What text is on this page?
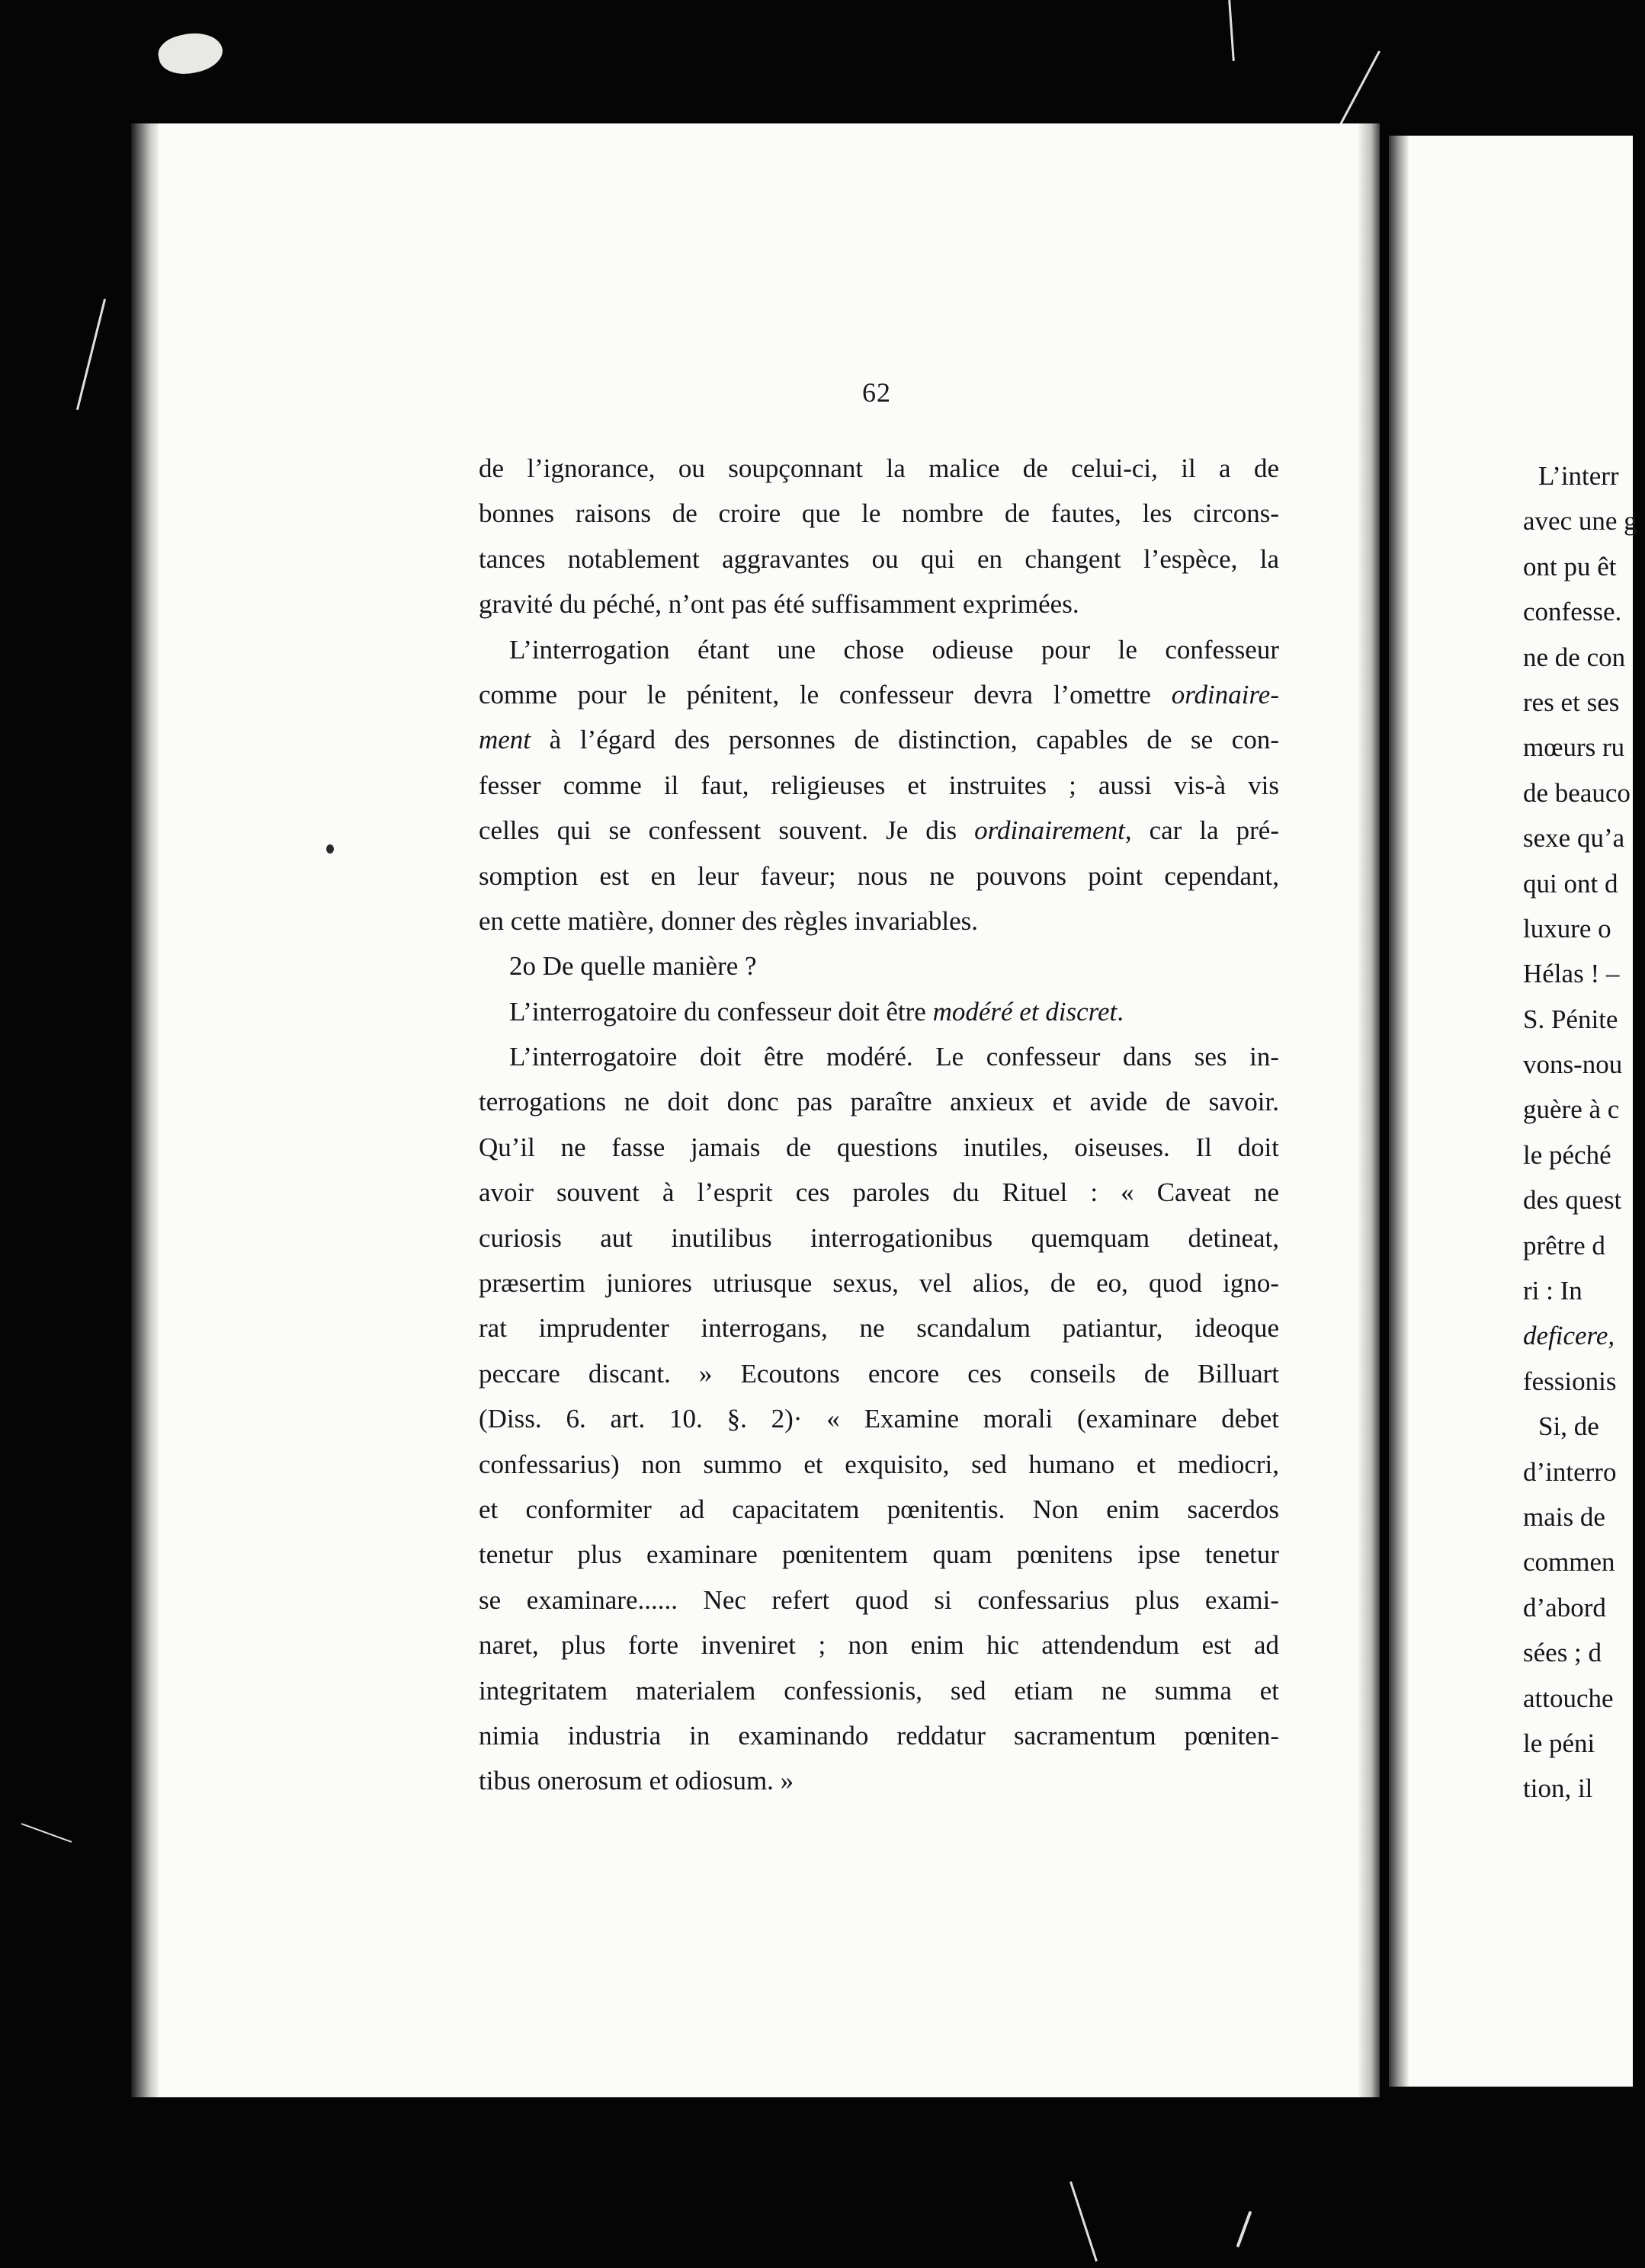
62
de l’ignorance, ou soupçonnant la malice de celui-ci, il a de
bonnes raisons de croire que le nombre de fautes, les circons-
tances notablement aggravantes ou qui en changent l’espèce, la
gravité du péché, n’ont pas été suffisamment exprimées.
L’interrogation étant une chose odieuse pour le confesseur
comme pour le pénitent, le confesseur devra l’omettre ordinaire-
ment à l’égard des personnes de distinction, capables de se con-
fesser comme il faut, religieuses et instruites ; aussi vis-à vis
celles qui se confessent souvent. Je dis ordinairement, car la pré-
somption est en leur faveur; nous ne pouvons point cependant,
en cette matière, donner des règles invariables.
2o De quelle manière ?
L’interrogatoire du confesseur doit être modéré et discret.
L’interrogatoire doit être modéré. Le confesseur dans ses in-
terrogations ne doit donc pas paraître anxieux et avide de savoir.
Qu’il ne fasse jamais de questions inutiles, oiseuses. Il doit
avoir souvent à l’esprit ces paroles du Rituel : « Caveat ne
curiosis aut inutilibus interrogationibus quemquam detineat,
præsertim juniores utriusque sexus, vel alios, de eo, quod igno-
rat imprudenter interrogans, ne scandalum patiantur, ideoque
peccare discant. » Ecoutons encore ces conseils de Billuart
(Diss. 6. art. 10. §. 2)· « Examine morali (examinare debet
confessarius) non summo et exquisito, sed humano et mediocri,
et conformiter ad capacitatem pœnitentis. Non enim sacerdos
tenetur plus examinare pœnitentem quam pœnitens ipse tenetur
se examinare...... Nec refert quod si confessarius plus exami-
naret, plus forte inveniret ; non enim hic attendendum est ad
integritatem materialem confessionis, sed etiam ne summa et
nimia industria in examinando reddatur sacramentum pœniten-
tibus onerosum et odiosum. »
L’interr
avec une g
ont pu êt
confesse.
ne de con
res et ses
mœurs ru
de beauco
sexe qu’a
qui ont d
luxure o
Hélas ! –
S. Pénite
vons-nou
guère à c
le péché
des quest
prêtre d
ri : In
deficere,
fessionis
Si, de
d’interro
mais de
commen
d’abord
sées ; d
attouche
le péni
tion, il
